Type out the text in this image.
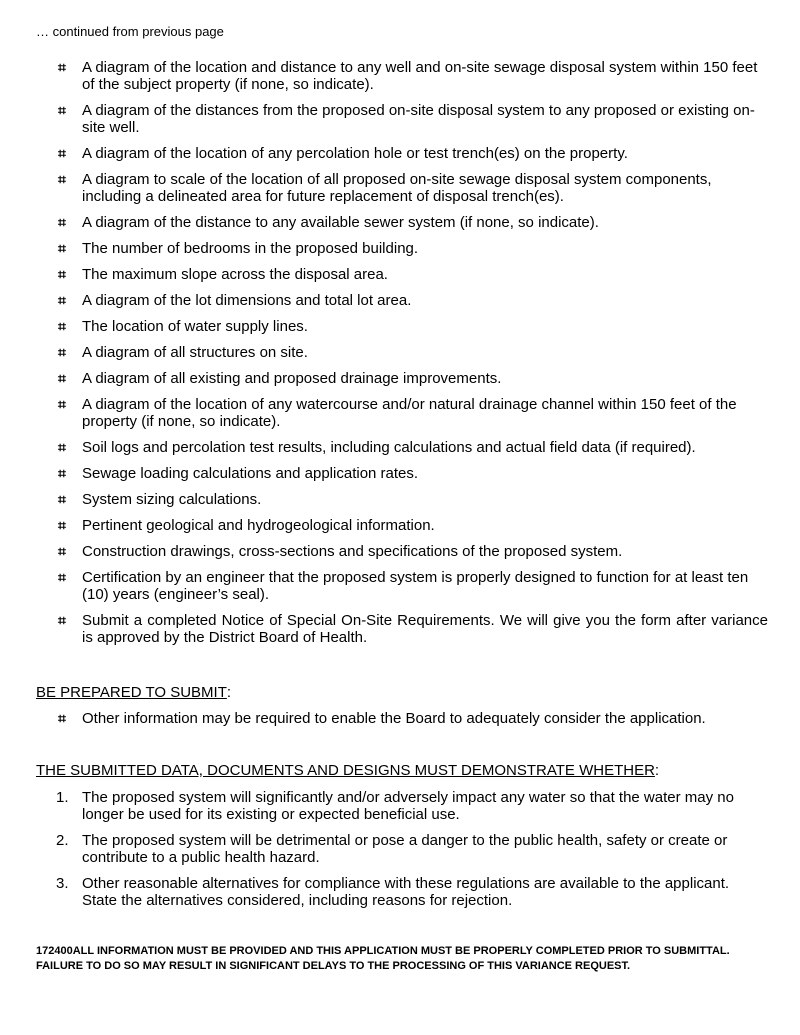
… continued from previous page
⌗ A diagram of the location and distance to any well and on-site sewage disposal system within 150 feet of the subject property (if none, so indicate).
⌗ A diagram of the distances from the proposed on-site disposal system to any proposed or existing on-site well.
⌗ A diagram of the location of any percolation hole or test trench(es) on the property.
⌗ A diagram to scale of the location of all proposed on-site sewage disposal system components, including a delineated area for future replacement of disposal trench(es).
⌗ A diagram of the distance to any available sewer system (if none, so indicate).
⌗ The number of bedrooms in the proposed building.
⌗ The maximum slope across the disposal area.
⌗ A diagram of the lot dimensions and total lot area.
⌗ The location of water supply lines.
⌗ A diagram of all structures on site.
⌗ A diagram of all existing and proposed drainage improvements.
⌗ A diagram of the location of any watercourse and/or natural drainage channel within 150 feet of the property (if none, so indicate).
⌗ Soil logs and percolation test results, including calculations and actual field data (if required).
⌗ Sewage loading calculations and application rates.
⌗ System sizing calculations.
⌗ Pertinent geological and hydrogeological information.
⌗ Construction drawings, cross-sections and specifications of the proposed system.
⌗ Certification by an engineer that the proposed system is properly designed to function for at least ten (10) years (engineer’s seal).
⌗ Submit a completed Notice of Special On-Site Requirements. We will give you the form after variance is approved by the District Board of Health.
BE PREPARED TO SUBMIT:
⌗ Other information may be required to enable the Board to adequately consider the application.
THE SUBMITTED DATA, DOCUMENTS AND DESIGNS MUST DEMONSTRATE WHETHER:
1. The proposed system will significantly and/or adversely impact any water so that the water may no longer be used for its existing or expected beneficial use.
2. The proposed system will be detrimental or pose a danger to the public health, safety or create or contribute to a public health hazard.
3. Other reasonable alternatives for compliance with these regulations are available to the applicant. State the alternatives considered, including reasons for rejection.
172400ALL INFORMATION MUST BE PROVIDED AND THIS APPLICATION MUST BE PROPERLY COMPLETED PRIOR TO SUBMITTAL. FAILURE TO DO SO MAY RESULT IN SIGNIFICANT DELAYS TO THE PROCESSING OF THIS VARIANCE REQUEST.
